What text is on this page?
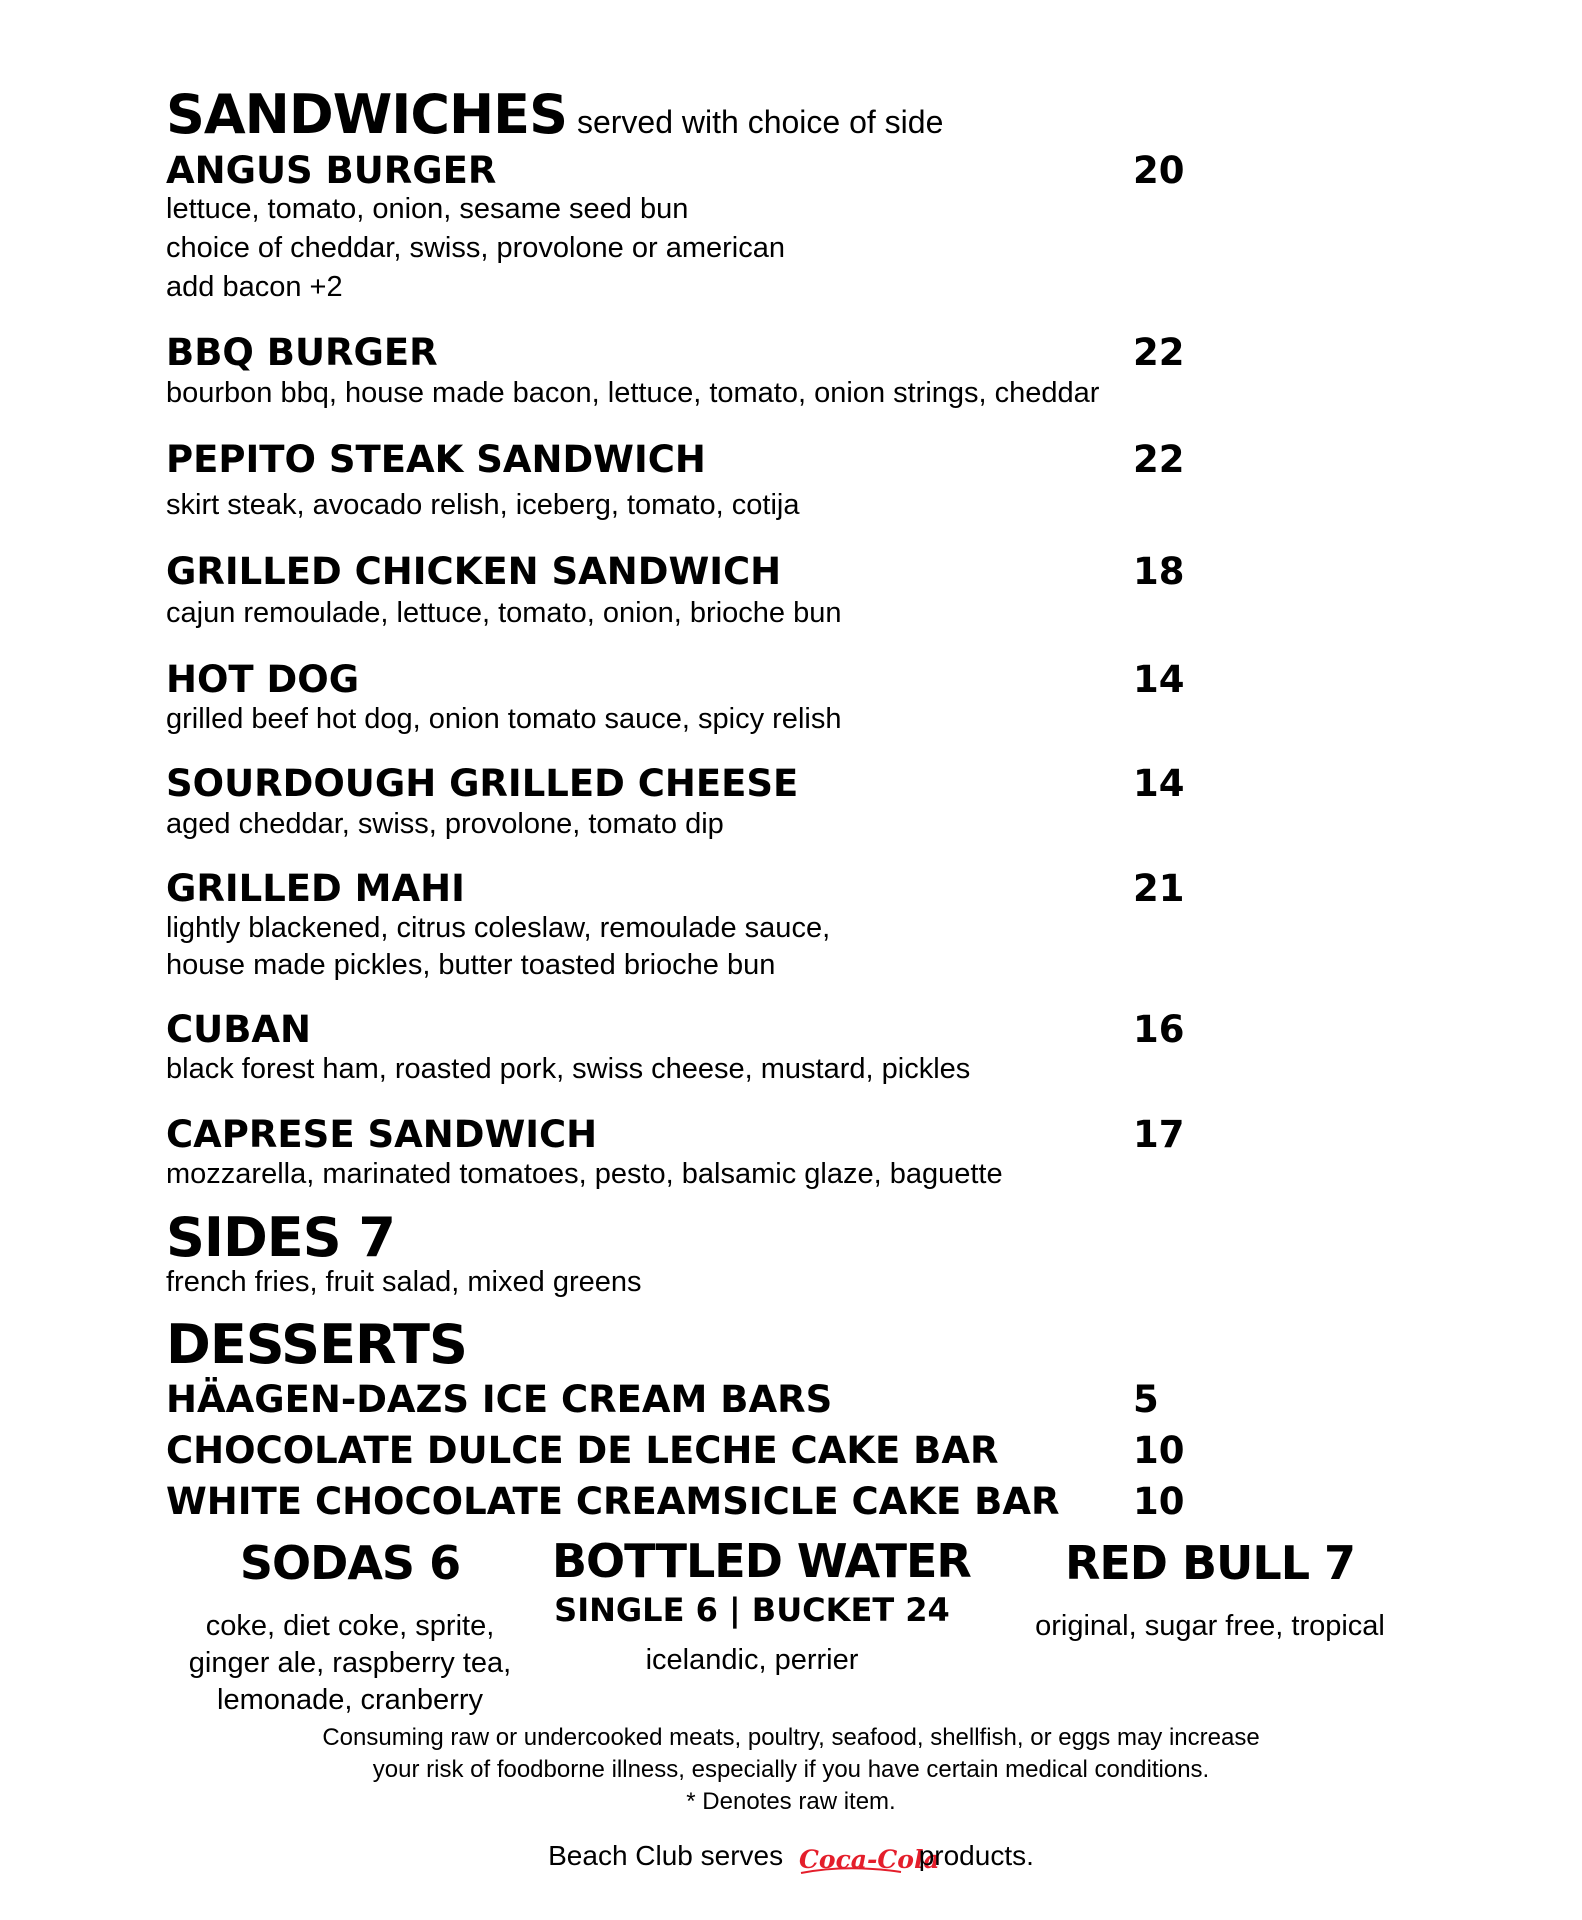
SANDWICHES served with choice of side
ANGUS BURGER	20
lettuce, tomato, onion, sesame seed bun
choice of cheddar, swiss, provolone or american
add bacon +2
BBQ BURGER	22
bourbon bbq, house made bacon, lettuce, tomato, onion strings, cheddar
PEPITO STEAK SANDWICH	22
skirt steak, avocado relish, iceberg, tomato, cotija
GRILLED CHICKEN SANDWICH	18
cajun remoulade, lettuce, tomato, onion, brioche bun
HOT DOG	14
grilled beef hot dog, onion tomato sauce, spicy relish
SOURDOUGH GRILLED CHEESE	14
aged cheddar, swiss, provolone, tomato dip
GRILLED MAHI	21
lightly blackened, citrus coleslaw, remoulade sauce,
house made pickles, butter toasted brioche bun
CUBAN	16
black forest ham, roasted pork, swiss cheese, mustard, pickles
CAPRESE SANDWICH	17
mozzarella, marinated tomatoes, pesto, balsamic glaze, baguette
SIDES 7
french fries, fruit salad, mixed greens
DESSERTS
HÄAGEN-DAZS ICE CREAM BARS	5
CHOCOLATE DULCE DE LECHE CAKE BAR	10
WHITE CHOCOLATE CREAMSICLE CAKE BAR 10
SODAS 6
coke, diet coke, sprite,
ginger ale, raspberry tea,
lemonade, cranberry
BOTTLED WATER
SINGLE 6 | BUCKET 24
icelandic, perrier
RED BULL 7
original, sugar free, tropical
Consuming raw or undercooked meats, poultry, seafood, shellfish, or eggs may increase
your risk of foodborne illness, especially if you have certain medical conditions.
* Denotes raw item.
Beach Club serves Coca-Cola
products.
